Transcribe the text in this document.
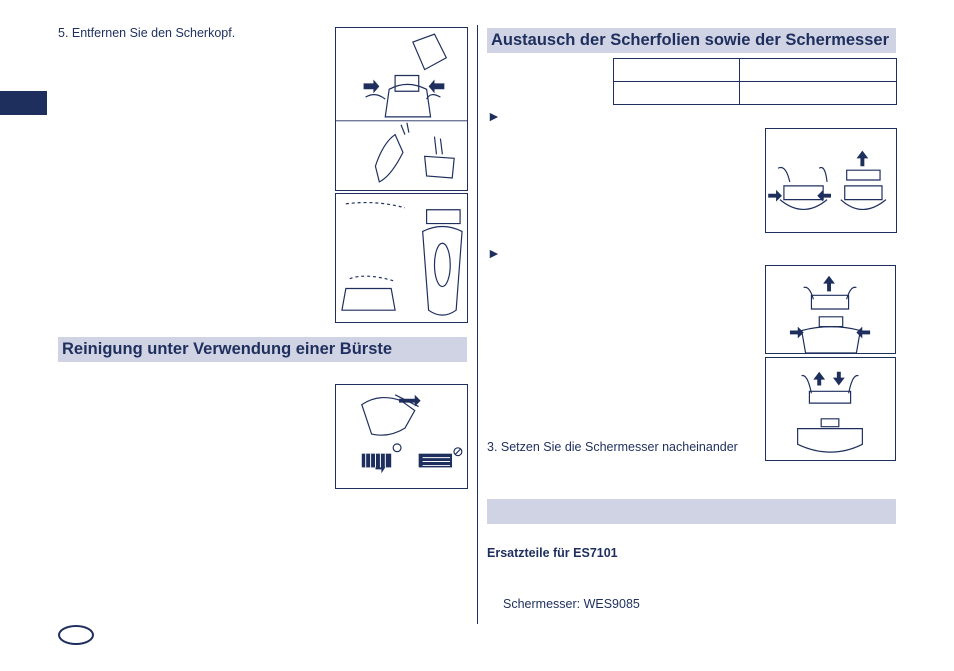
5. Entfernen Sie den Scherkopf.
Reinigung unter Verwendung einer Bürste
Austausch der Scherfolien sowie der Schermesser

►
►
3. Setzen Sie die Schermesser nacheinander
Ersatzteile für ES7101
Schermesser: WES9085
